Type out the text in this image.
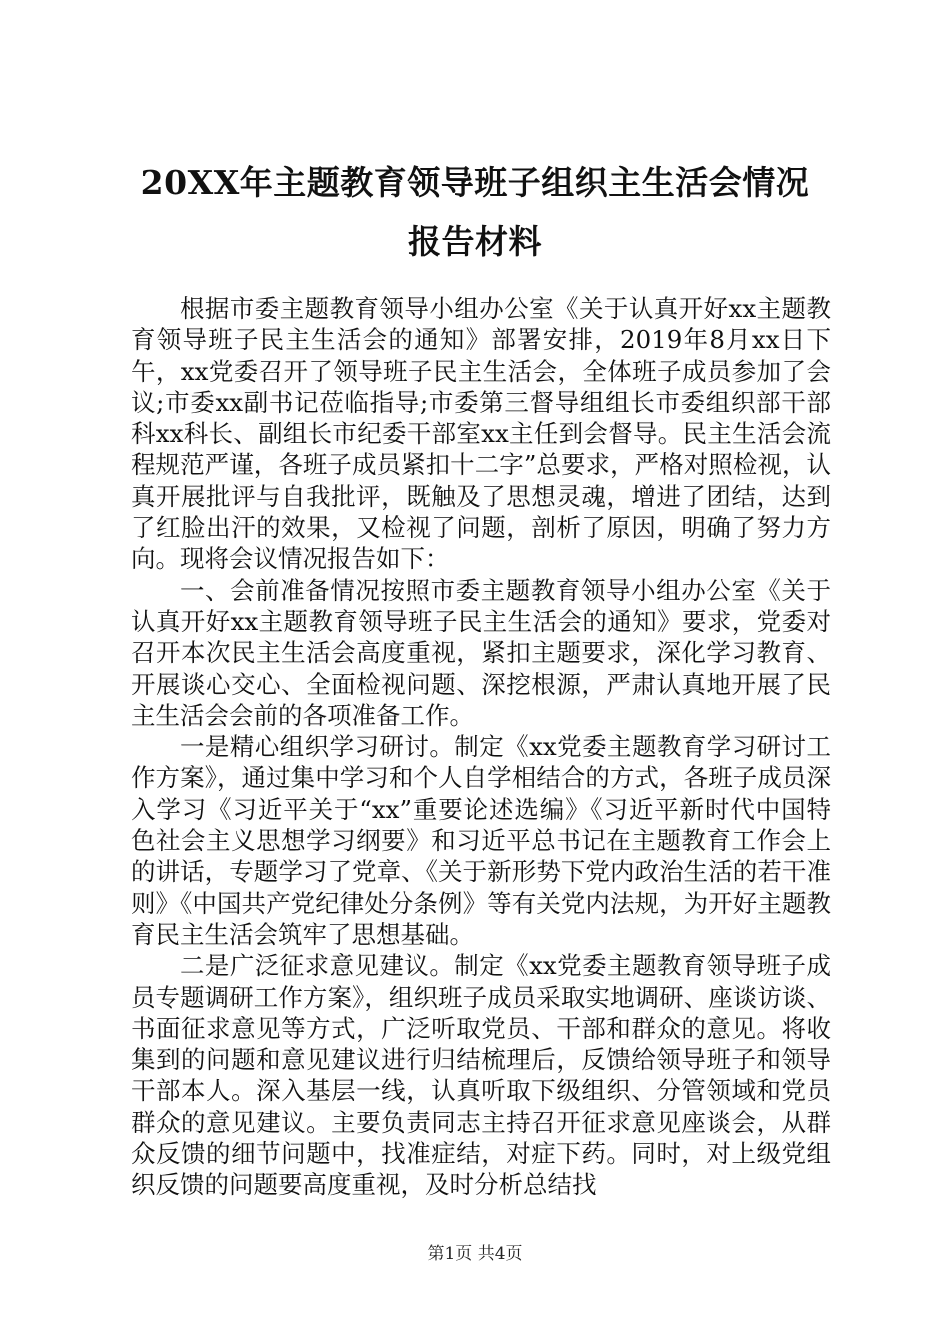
20XX年主题教育领导班子组织主生活会情况
报告材料

根据市委主题教育领导小组办公室《关于认真开好xx主题教育领导班子民主生活会的通知》部署安排，2019年8月xx日下午，xx党委召开了领导班子民主生活会，全体班子成员参加了会议;市委xx副书记莅临指导;市委第三督导组组长市委组织部干部科xx科长、副组长市纪委干部室xx主任到会督导。民主生活会流程规范严谨，各班子成员紧扣十二字”总要求，严格对照检视，认真开展批评与自我批评，既触及了思想灵魂，增进了团结，达到了红脸出汗的效果，又检视了问题，剖析了原因，明确了努力方向。现将会议情况报告如下：

一、会前准备情况按照市委主题教育领导小组办公室《关于认真开好xx主题教育领导班子民主生活会的通知》要求，党委对召开本次民主生活会高度重视，紧扣主题要求，深化学习教育、开展谈心交心、全面检视问题、深挖根源，严肃认真地开展了民主生活会会前的各项准备工作。

一是精心组织学习研讨。制定《xx党委主题教育学习研讨工作方案》，通过集中学习和个人自学相结合的方式，各班子成员深入学习《习近平关于“xx”重要论述选编》《习近平新时代中国特色社会主义思想学习纲要》和习近平总书记在主题教育工作会上的讲话，专题学习了党章、《关于新形势下党内政治生活的若干准则》《中国共产党纪律处分条例》等有关党内法规，为开好主题教育民主生活会筑牢了思想基础。

二是广泛征求意见建议。制定《xx党委主题教育领导班子成员专题调研工作方案》，组织班子成员采取实地调研、座谈访谈、书面征求意见等方式，广泛听取党员、干部和群众的意见。将收集到的问题和意见建议进行归结梳理后，反馈给领导班子和领导干部本人。深入基层一线，认真听取下级组织、分管领域和党员群众的意见建议。主要负责同志主持召开征求意见座谈会，从群众反馈的细节问题中，找准症结，对症下药。同时，对上级党组织反馈的问题要高度重视，及时分析总结找

第1页 共4页
